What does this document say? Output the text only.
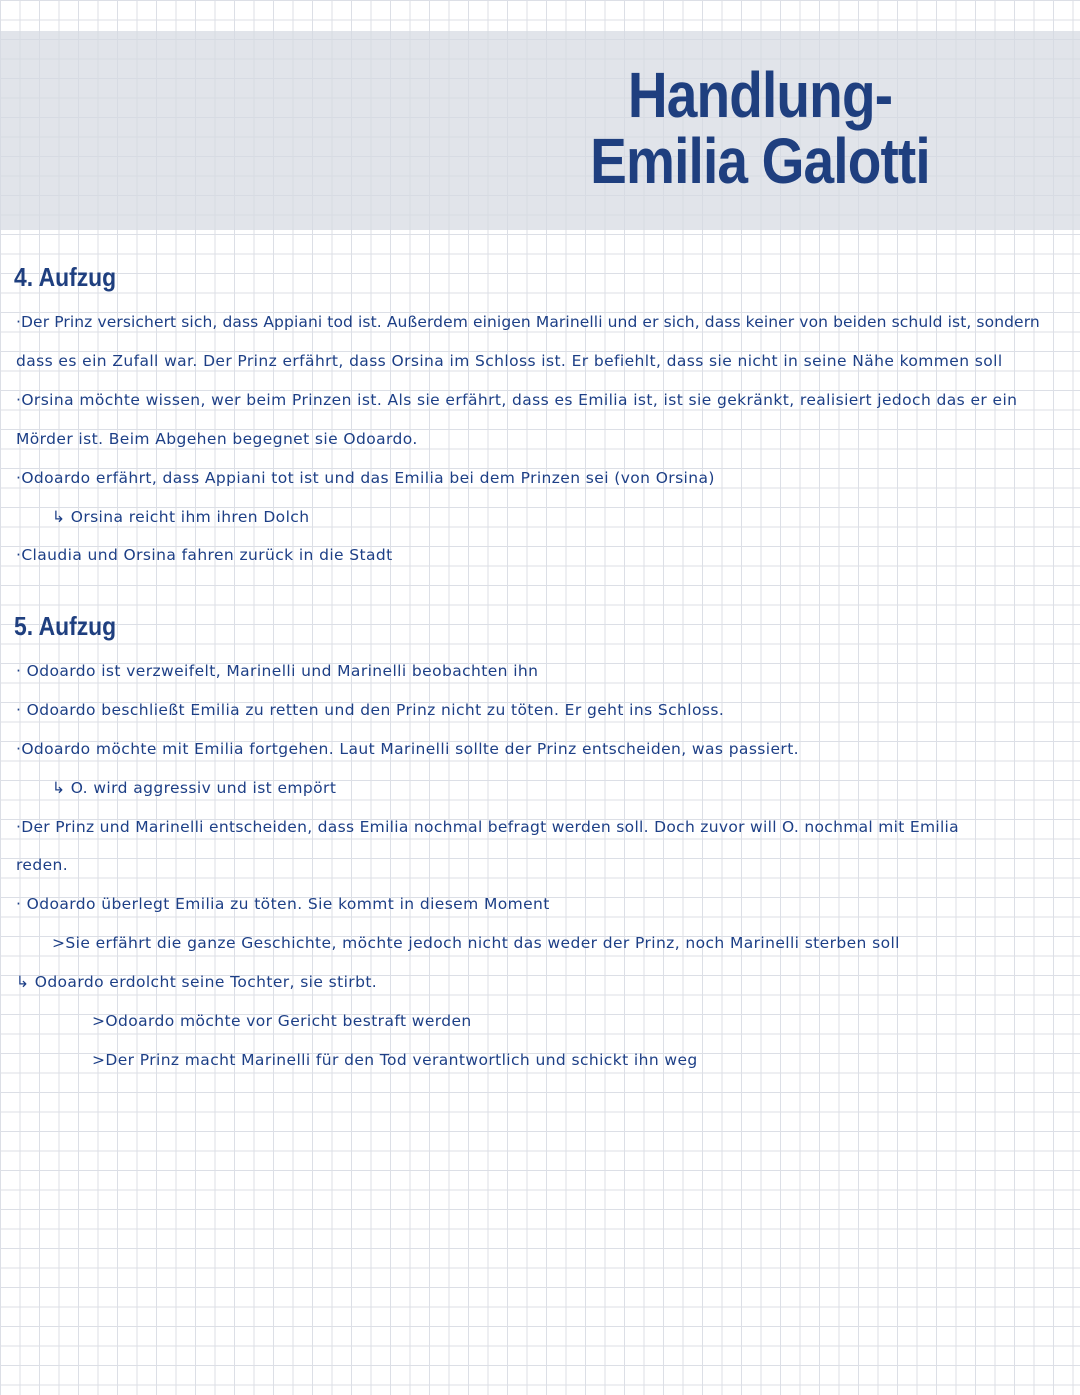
Handlung-
Emilia Galotti
4. Aufzug
·Der Prinz versichert sich, dass Appiani tod ist. Außerdem einigen Marinelli und er sich, dass keiner von beiden schuld ist, sondern
dass es ein Zufall war. Der Prinz erfährt, dass Orsina im Schloss ist. Er befiehlt, dass sie nicht in seine Nähe kommen soll
·Orsina möchte wissen, wer beim Prinzen ist. Als sie erfährt, dass es Emilia ist, ist sie gekränkt, realisiert jedoch das er ein
Mörder ist. Beim Abgehen begegnet sie Odoardo.
·Odoardo erfährt, dass Appiani tot ist und das Emilia bei dem Prinzen sei (von Orsina)
↳ Orsina reicht ihm ihren Dolch
·Claudia und Orsina fahren zurück in die Stadt
5. Aufzug
· Odoardo ist verzweifelt, Marinelli und Marinelli beobachten ihn
· Odoardo beschließt Emilia zu retten und den Prinz nicht zu töten. Er geht ins Schloss.
·Odoardo möchte mit Emilia fortgehen. Laut Marinelli sollte der Prinz entscheiden, was passiert.
↳ O. wird aggressiv und ist empört
·Der Prinz und Marinelli entscheiden, dass Emilia nochmal befragt werden soll. Doch zuvor will O. nochmal mit Emilia
reden.
· Odoardo überlegt Emilia zu töten. Sie kommt in diesem Moment
>Sie erfährt die ganze Geschichte, möchte jedoch nicht das weder der Prinz, noch Marinelli sterben soll
↳ Odoardo erdolcht seine Tochter, sie stirbt.
>Odoardo möchte vor Gericht bestraft werden
>Der Prinz macht Marinelli für den Tod verantwortlich und schickt ihn weg
